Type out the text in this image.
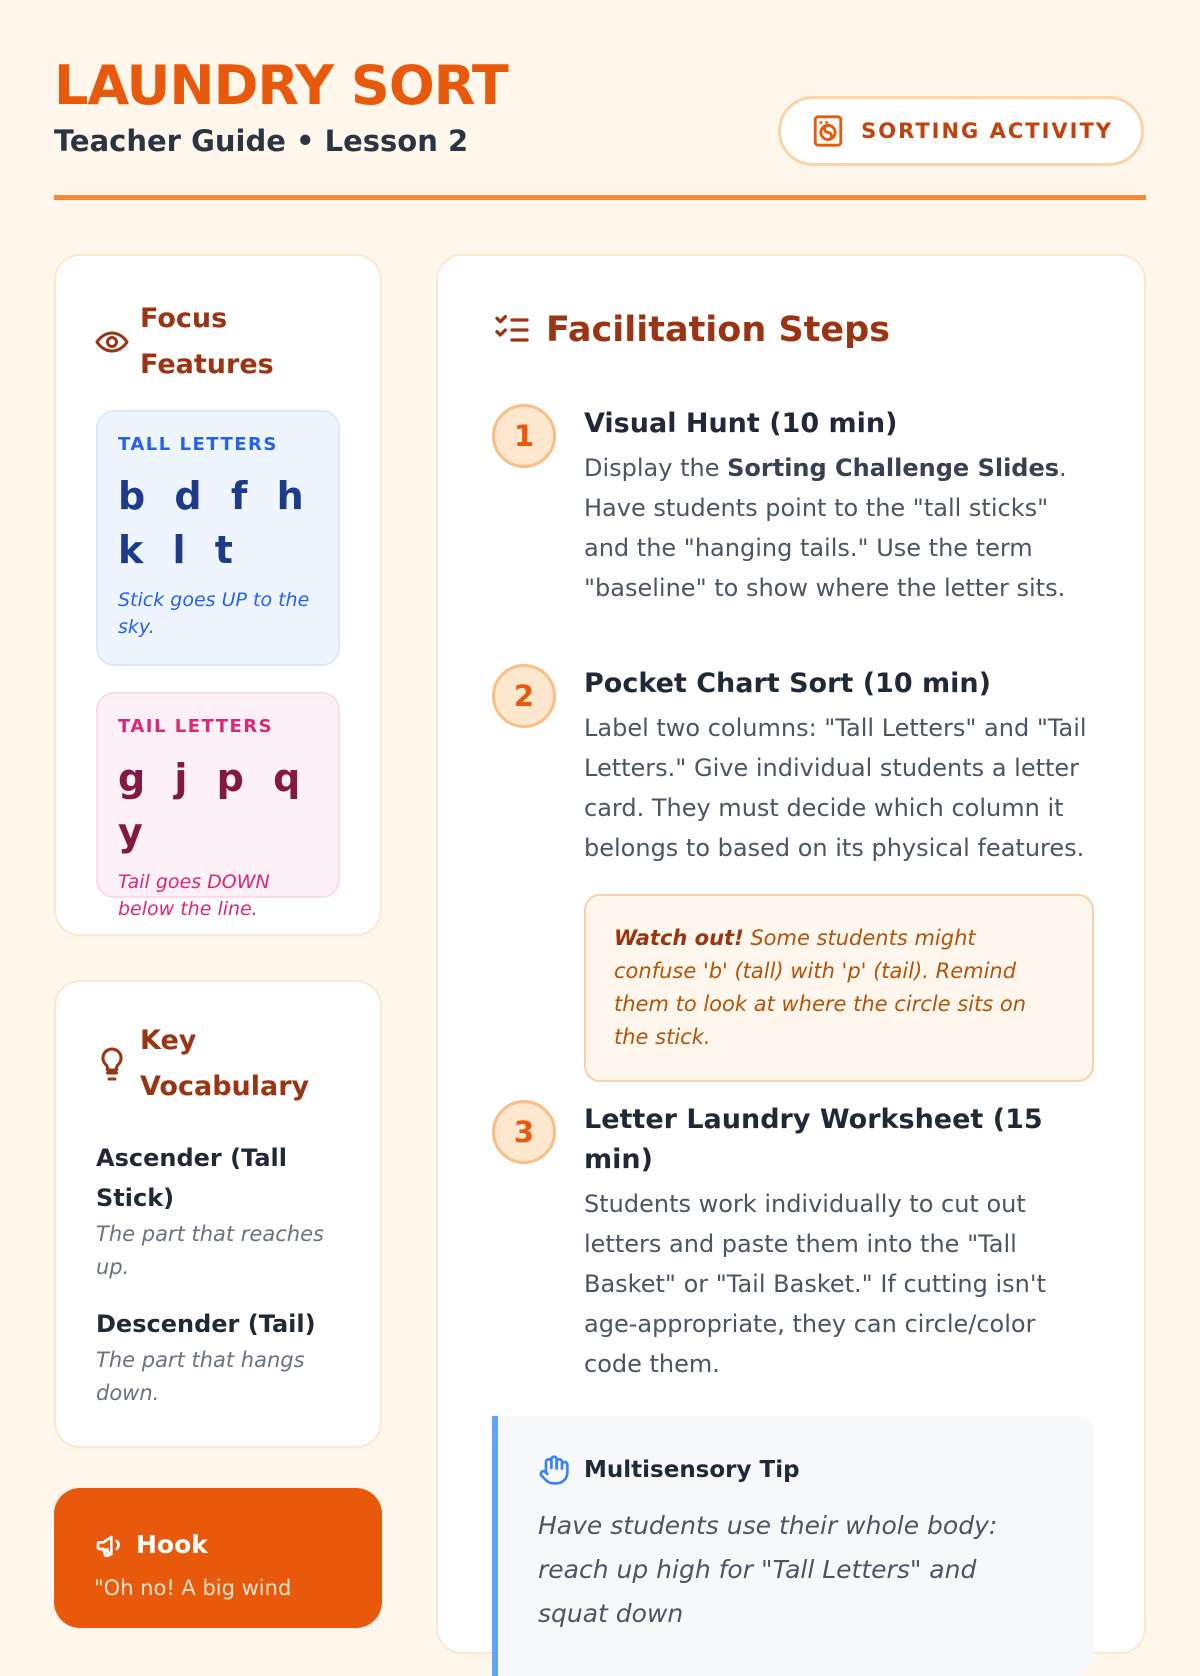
LAUNDRY SORT
Teacher Guide • Lesson 2	SORTING ACTIVITY
Focus Features
TALL LETTERS
b d f h k l t
Stick goes UP to the sky.
TAIL LETTERS
g j p q y
Tail goes DOWN below the line.
Key Vocabulary
Ascender (Tall Stick)
The part that reaches up.
Descender (Tail)
The part that hangs down.
Hook
"Oh no! A big wind
Facilitation Steps
1	Visual Hunt (10 min)
Display the Sorting Challenge Slides. Have students point to the "tall sticks" and the "hanging tails." Use the term "baseline" to show where the letter sits.
2	Pocket Chart Sort (10 min)
Label two columns: "Tall Letters" and "Tail Letters." Give individual students a letter card. They must decide which column it belongs to based on its physical features.
Watch out! Some students might confuse 'b' (tall) with 'p' (tail). Remind them to look at where the circle sits on the stick.
3	Letter Laundry Worksheet (15 min)
Students work individually to cut out letters and paste them into the "Tall Basket" or "Tail Basket." If cutting isn't age-appropriate, they can circle/color code them.
Multisensory Tip
Have students use their whole body: reach up high for "Tall Letters" and squat down
